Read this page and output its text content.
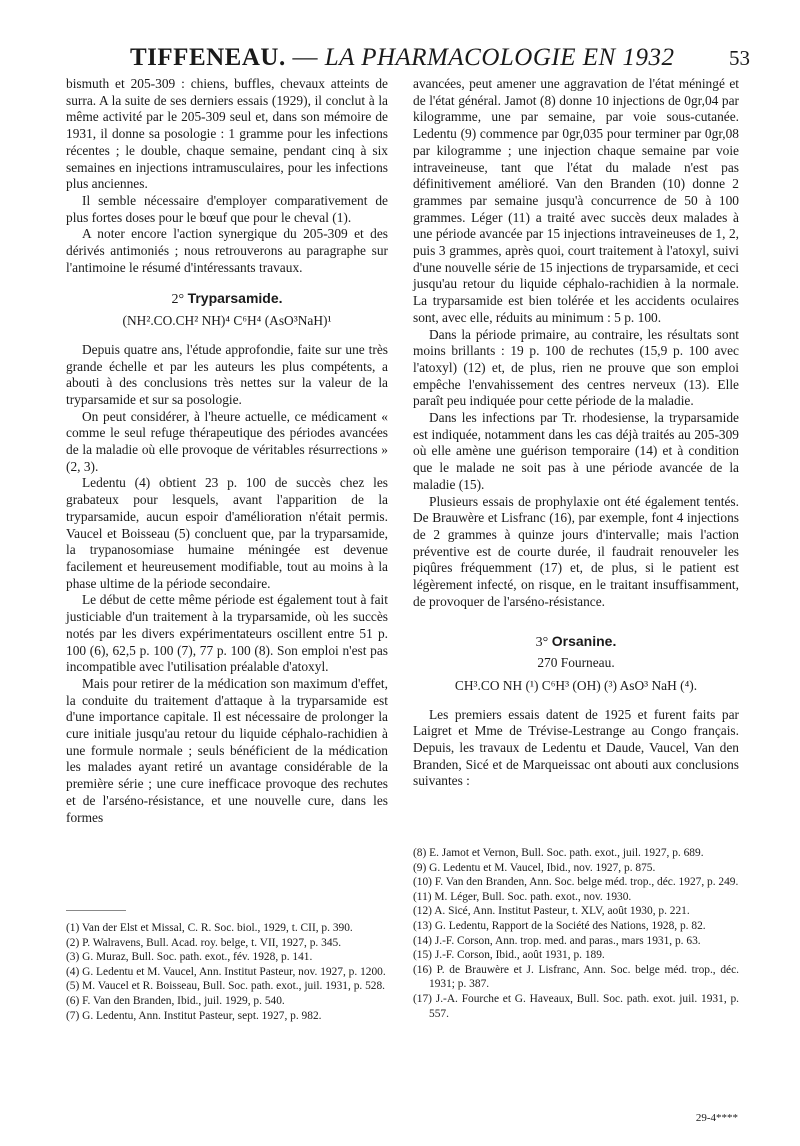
TIFFENEAU. — LA PHARMACOLOGIE EN 1932	53

bismuth et 205-309 : chiens, buffles, chevaux atteints de surra. A la suite de ses derniers essais (1929), il conclut à la même activité par le 205-309 seul et, dans son mémoire de 1931, il donne sa posologie : 1 gramme pour les infections récentes ; le double, chaque semaine, pendant cinq à six semaines en injections intramusculaires, pour les infections plus anciennes.

Il semble nécessaire d'employer comparativement de plus fortes doses pour le bœuf que pour le cheval (1).

A noter encore l'action synergique du 205-309 et des dérivés antimoniés ; nous retrouverons au paragraphe sur l'antimoine le résumé d'intéressants travaux.

2° Tryparsamide.

(NH².CO.CH² NH)⁴ C⁶H⁴ (AsO³NaH)¹

Depuis quatre ans, l'étude approfondie, faite sur une très grande échelle et par les auteurs les plus compétents, a abouti à des conclusions très nettes sur la valeur de la tryparsamide et sur sa posologie.

On peut considérer, à l'heure actuelle, ce médicament « comme le seul refuge thérapeutique des périodes avancées de la maladie où elle provoque de véritables résurrections » (2, 3).

Ledentu (4) obtient 23 p. 100 de succès chez les grabateux pour lesquels, avant l'apparition de la tryparsamide, aucun espoir d'amélioration n'était permis. Vaucel et Boisseau (5) concluent que, par la tryparsamide, la trypanosomiase humaine méningée est devenue facilement et heureusement modifiable, tout au moins à la phase ultime de la période secondaire.

Le début de cette même période est également tout à fait justiciable d'un traitement à la tryparsamide, où les succès notés par les divers expérimentateurs oscillent entre 51 p. 100 (6), 62,5 p. 100 (7), 77 p. 100 (8). Son emploi n'est pas incompatible avec l'utilisation préalable d'atoxyl.

Mais pour retirer de la médication son maximum d'effet, la conduite du traitement d'attaque à la tryparsamide est d'une importance capitale. Il est nécessaire de prolonger la cure initiale jusqu'au retour du liquide céphalo-rachidien à une formule normale ; seuls bénéficient de la médication les malades ayant retiré un avantage considérable de la première série ; une cure inefficace provoque des rechutes et de l'arséno-résistance, et une nouvelle cure, dans les formes

avancées, peut amener une aggravation de l'état méningé et de l'état général. Jamot (8) donne 10 injections de 0gr,04 par kilogramme, une par semaine, par voie sous-cutanée. Ledentu (9) commence par 0gr,035 pour terminer par 0gr,08 par kilogramme ; une injection chaque semaine par voie intraveineuse, tant que l'état du malade n'est pas définitivement amélioré. Van den Branden (10) donne 2 grammes par semaine jusqu'à concurrence de 50 à 100 grammes. Léger (11) a traité avec succès deux malades à une période avancée par 15 injections intraveineuses de 1, 2, puis 3 grammes, après quoi, court traitement à l'atoxyl, suivi d'une nouvelle série de 15 injections de tryparsamide, et ceci jusqu'au retour du liquide céphalo-rachidien à la normale. La tryparsamide est bien tolérée et les accidents oculaires sont, avec elle, réduits au minimum : 5 p. 100.

Dans la période primaire, au contraire, les résultats sont moins brillants : 19 p. 100 de rechutes (15,9 p. 100 avec l'atoxyl) (12) et, de plus, rien ne prouve que son emploi empêche l'envahissement des centres nerveux (13). Elle paraît peu indiquée pour cette période de la maladie.

Dans les infections par Tr. rhodesiense, la tryparsamide est indiquée, notamment dans les cas déjà traités au 205-309 où elle amène une guérison temporaire (14) et à condition que le malade ne soit pas à une période avancée de la maladie (15).

Plusieurs essais de prophylaxie ont été également tentés. De Brauwère et Lisfranc (16), par exemple, font 4 injections de 2 grammes à quinze jours d'intervalle; mais l'action préventive est de courte durée, il faudrait renouveler les piqûres fréquemment (17) et, de plus, si le patient est légèrement infecté, on risque, en le traitant insuffisamment, de provoquer de l'arséno-résistance.

3° Orsanine.

270 Fourneau.

CH³.CO NH (¹) C⁶H³ (OH) (³) AsO³ NaH (⁴).

Les premiers essais datent de 1925 et furent faits par Laigret et Mme de Trévise-Lestrange au Congo français. Depuis, les travaux de Ledentu et Daude, Vaucel, Van den Branden, Sicé et de Marqueissac ont abouti aux conclusions suivantes :

(1) Van der Elst et Missal, C. R. Soc. biol., 1929, t. CII, p. 390.

(2) P. Walravens, Bull. Acad. roy. belge, t. VII, 1927, p. 345.

(3) G. Muraz, Bull. Soc. path. exot., fév. 1928, p. 141.

(4) G. Ledentu et M. Vaucel, Ann. Institut Pasteur, nov. 1927, p. 1200.

(5) M. Vaucel et R. Boisseau, Bull. Soc. path. exot., juil. 1931, p. 528.

(6) F. Van den Branden, Ibid., juil. 1929, p. 540.

(7) G. Ledentu, Ann. Institut Pasteur, sept. 1927, p. 982.

(8) E. Jamot et Vernon, Bull. Soc. path. exot., juil. 1927, p. 689.

(9) G. Ledentu et M. Vaucel, Ibid., nov. 1927, p. 875.

(10) F. Van den Branden, Ann. Soc. belge méd. trop., déc. 1927, p. 249.

(11) M. Léger, Bull. Soc. path. exot., nov. 1930.

(12) A. Sicé, Ann. Institut Pasteur, t. XLV, août 1930, p. 221.

(13) G. Ledentu, Rapport de la Société des Nations, 1928, p. 82.

(14) J.-F. Corson, Ann. trop. med. and paras., mars 1931, p. 63.

(15) J.-F. Corson, Ibid., août 1931, p. 189.

(16) P. de Brauwère et J. Lisfranc, Ann. Soc. belge méd. trop., déc. 1931; p. 387.

(17) J.-A. Fourche et G. Haveaux, Bull. Soc. path. exot. juil. 1931, p. 557.

29-4****
